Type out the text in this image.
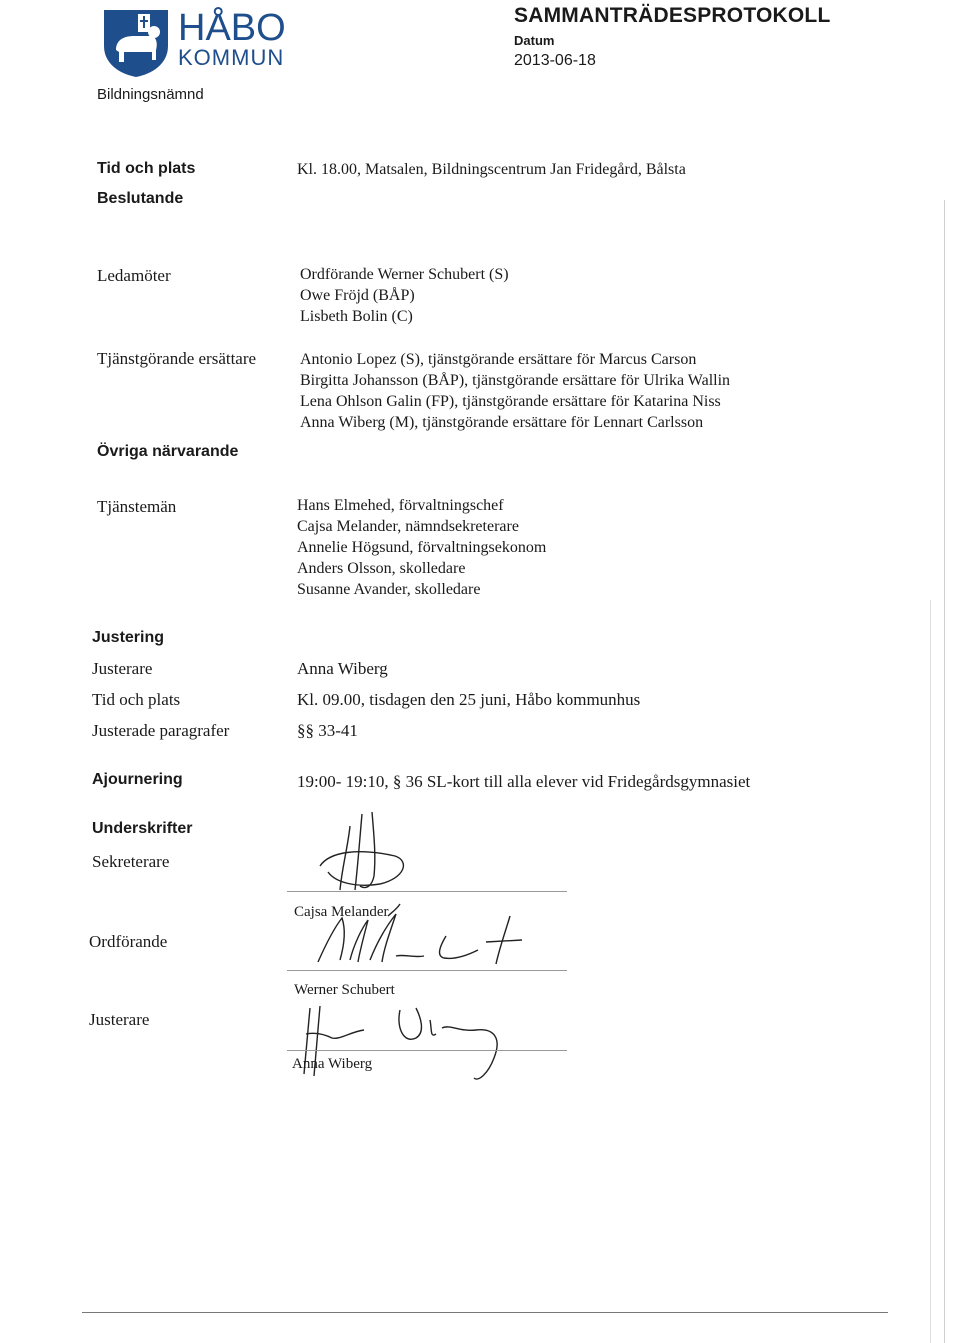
HÅBO
KOMMUN
Bildningsnämnd
SAMMANTRÄDESPROTOKOLL
Datum
2013-06-18
Tid och plats	Kl. 18.00, Matsalen, Bildningscentrum Jan Fridegård, Bålsta
Beslutande
Ledamöter	Ordförande Werner Schubert (S)
Owe Fröjd (BÅP)
Lisbeth Bolin (C)
Tjänstgörande ersättare	Antonio Lopez (S), tjänstgörande ersättare för Marcus Carson
Birgitta Johansson (BÅP), tjänstgörande ersättare för Ulrika Wallin
Lena Ohlson Galin (FP), tjänstgörande ersättare för Katarina Niss
Anna Wiberg (M), tjänstgörande ersättare för Lennart Carlsson
Övriga närvarande
Tjänstemän	Hans Elmehed, förvaltningschef
Cajsa Melander, nämndsekreterare
Annelie Högsund, förvaltningsekonom
Anders Olsson, skolledare
Susanne Avander, skolledare
Justering
Justerare	Anna Wiberg
Tid och plats	Kl. 09.00, tisdagen den 25 juni, Håbo kommunhus
Justerade paragrafer	§§ 33-41
Ajournering	19:00- 19:10, § 36 SL-kort till alla elever vid Fridegårdsgymnasiet
Underskrifter
Sekreterare
Cajsa Melander
Ordförande
Werner Schubert
Justerare
Anna Wiberg
